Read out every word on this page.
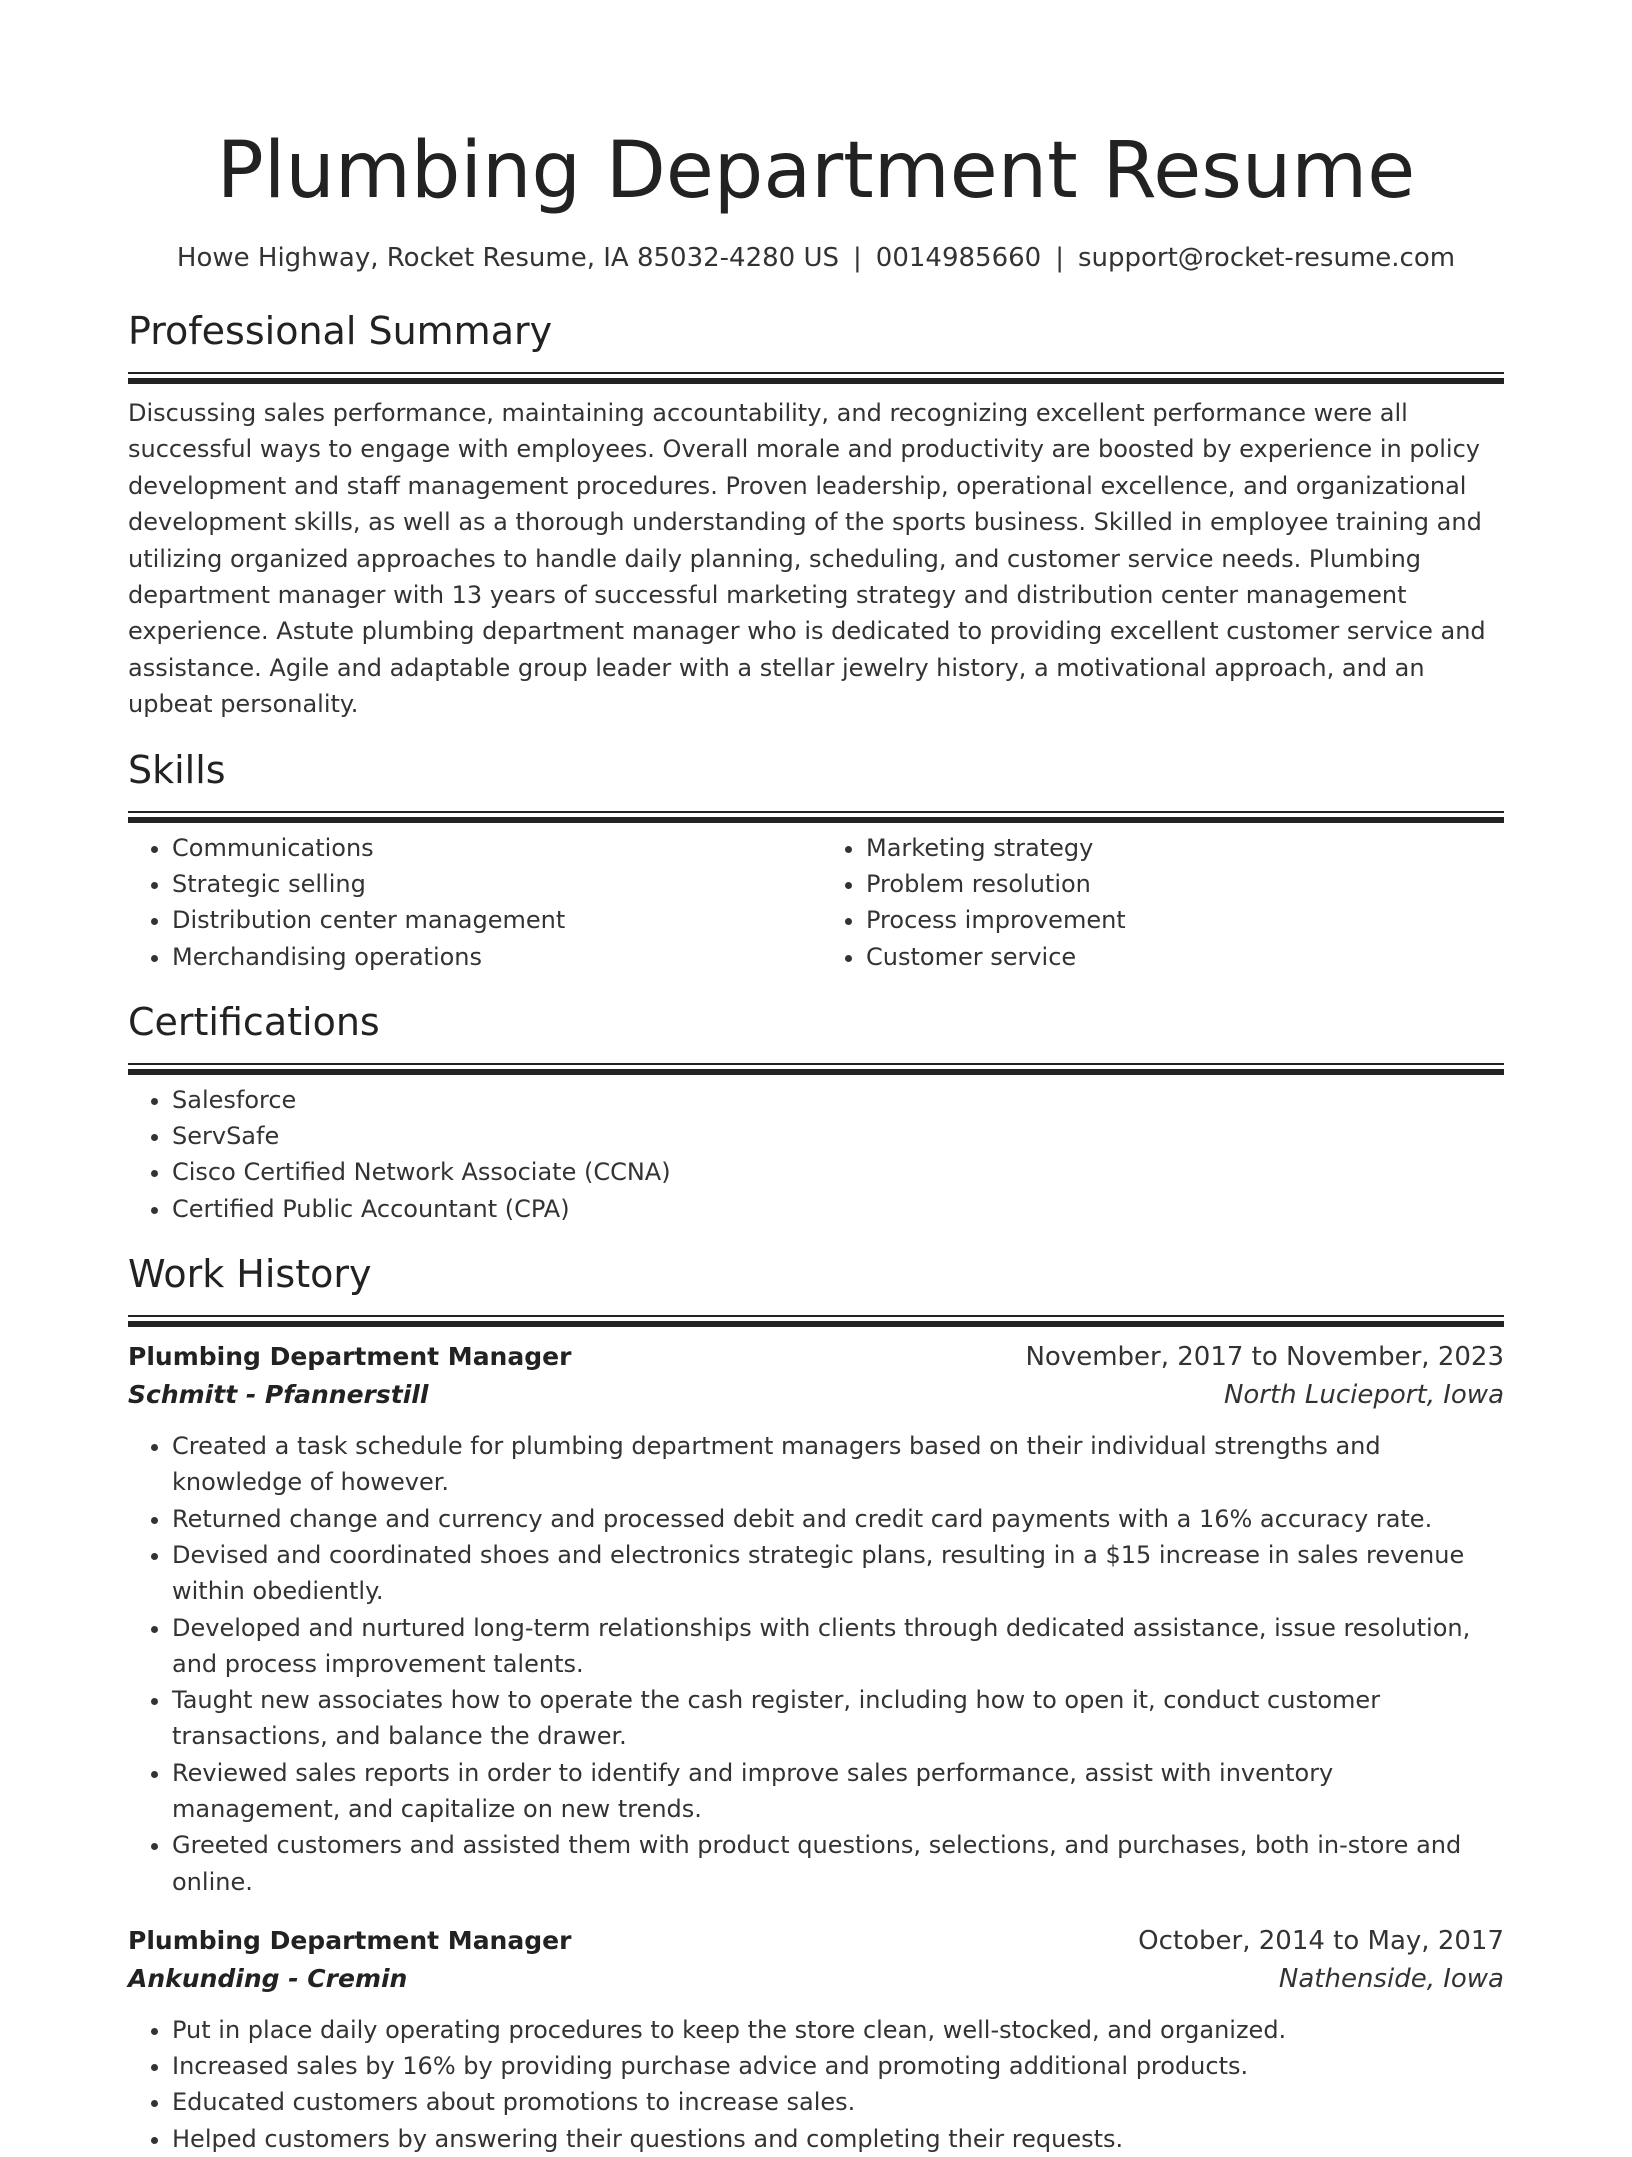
Plumbing Department Resume
Howe Highway, Rocket Resume, IA 85032-4280 US | 0014985660 | support@rocket-resume.com
Professional Summary

Discussing sales performance, maintaining accountability, and recognizing excellent performance were all successful ways to engage with employees. Overall morale and productivity are boosted by experience in policy development and staff management procedures. Proven leadership, operational excellence, and organizational development skills, as well as a thorough understanding of the sports business. Skilled in employee training and utilizing organized approaches to handle daily planning, scheduling, and customer service needs. Plumbing department manager with 13 years of successful marketing strategy and distribution center management experience. Astute plumbing department manager who is dedicated to providing excellent customer service and assistance. Agile and adaptable group leader with a stellar jewelry history, a motivational approach, and an upbeat personality.

Skills
• Communications
• Strategic selling
• Distribution center management
• Merchandising operations
• Marketing strategy
• Problem resolution
• Process improvement
• Customer service
Certifications
• Salesforce
• ServSafe
• Cisco Certified Network Associate (CCNA)
• Certified Public Accountant (CPA)
Work History
Plumbing Department Manager	November, 2017 to November, 2023
Schmitt - Pfannerstill	North Lucieport, Iowa
• Created a task schedule for plumbing department managers based on their individual strengths and knowledge of however.
• Returned change and currency and processed debit and credit card payments with a 16% accuracy rate.
• Devised and coordinated shoes and electronics strategic plans, resulting in a $15 increase in sales revenue within obediently.
• Developed and nurtured long-term relationships with clients through dedicated assistance, issue resolution, and process improvement talents.
• Taught new associates how to operate the cash register, including how to open it, conduct customer transactions, and balance the drawer.
• Reviewed sales reports in order to identify and improve sales performance, assist with inventory management, and capitalize on new trends.
• Greeted customers and assisted them with product questions, selections, and purchases, both in-store and online.
Plumbing Department Manager	October, 2014 to May, 2017
Ankunding - Cremin	Nathenside, Iowa
• Put in place daily operating procedures to keep the store clean, well-stocked, and organized.
• Increased sales by 16% by providing purchase advice and promoting additional products.
• Educated customers about promotions to increase sales.
• Helped customers by answering their questions and completing their requests.
